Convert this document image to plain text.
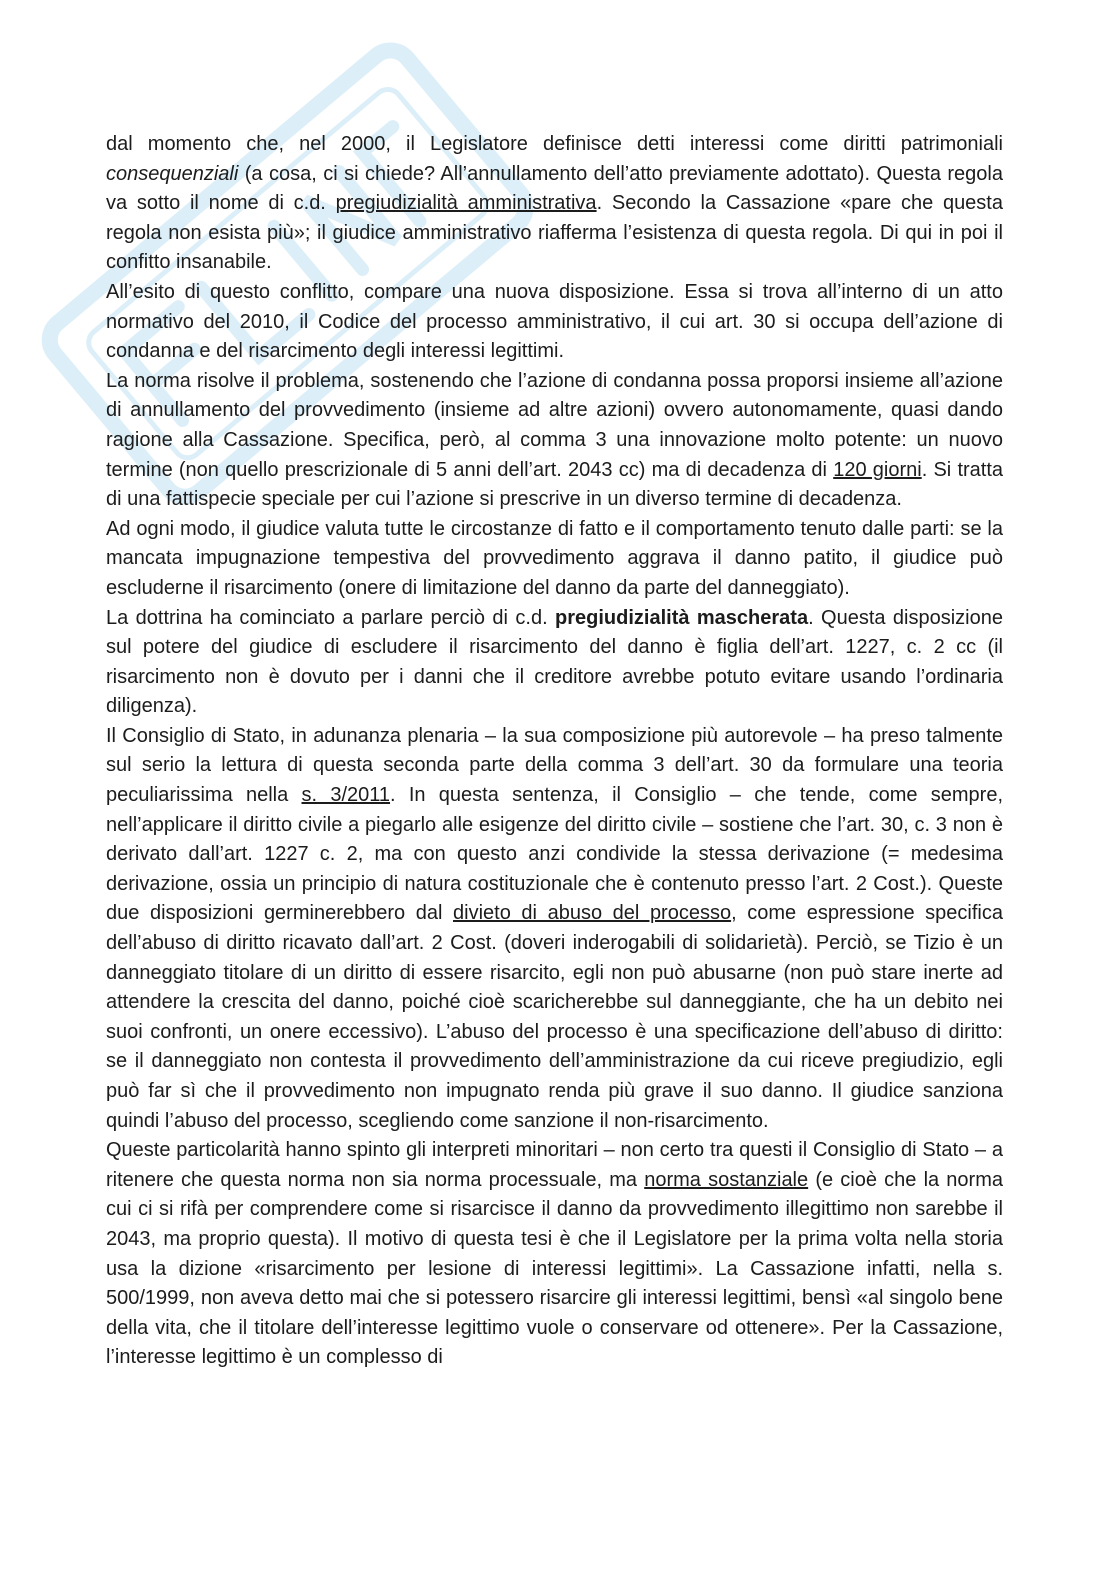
dal momento che, nel 2000, il Legislatore definisce detti interessi come diritti patrimoniali consequenziali (a cosa, ci si chiede? All’annullamento dell’atto previamente adottato). Questa regola va sotto il nome di c.d. pregiudizialità amministrativa. Secondo la Cassazione «pare che questa regola non esista più»; il giudice amministrativo riafferma l’esistenza di questa regola. Di qui in poi il confitto insanabile.

All’esito di questo conflitto, compare una nuova disposizione. Essa si trova all’interno di un atto normativo del 2010, il Codice del processo amministrativo, il cui art. 30 si occupa dell’azione di condanna e del risarcimento degli interessi legittimi.

La norma risolve il problema, sostenendo che l’azione di condanna possa proporsi insieme all’azione di annullamento del provvedimento (insieme ad altre azioni) ovvero autonomamente, quasi dando ragione alla Cassazione. Specifica, però, al comma 3 una innovazione molto potente: un nuovo termine (non quello prescrizionale di 5 anni dell’art. 2043 cc) ma di decadenza di 120 giorni. Si tratta di una fattispecie speciale per cui l’azione si prescrive in un diverso termine di decadenza.

Ad ogni modo, il giudice valuta tutte le circostanze di fatto e il comportamento tenuto dalle parti: se la mancata impugnazione tempestiva del provvedimento aggrava il danno patito, il giudice può escluderne il risarcimento (onere di limitazione del danno da parte del danneggiato).

La dottrina ha cominciato a parlare perciò di c.d. pregiudizialità mascherata. Questa disposizione sul potere del giudice di escludere il risarcimento del danno è figlia dell’art. 1227, c. 2 cc (il risarcimento non è dovuto per i danni che il creditore avrebbe potuto evitare usando l’ordinaria diligenza).

Il Consiglio di Stato, in adunanza plenaria – la sua composizione più autorevole – ha preso talmente sul serio la lettura di questa seconda parte della comma 3 dell’art. 30 da formulare una teoria peculiarissima nella s. 3/2011. In questa sentenza, il Consiglio – che tende, come sempre, nell’applicare il diritto civile a piegarlo alle esigenze del diritto civile – sostiene che l’art. 30, c. 3 non è derivato dall’art. 1227 c. 2, ma con questo anzi condivide la stessa derivazione (= medesima derivazione, ossia un principio di natura costituzionale che è contenuto presso l’art. 2 Cost.). Queste due disposizioni germinerebbero dal divieto di abuso del processo, come espressione specifica dell’abuso di diritto ricavato dall’art. 2 Cost. (doveri inderogabili di solidarietà). Perciò, se Tizio è un danneggiato titolare di un diritto di essere risarcito, egli non può abusarne (non può stare inerte ad attendere la crescita del danno, poiché cioè scaricherebbe sul danneggiante, che ha un debito nei suoi confronti, un onere eccessivo). L’abuso del processo è una specificazione dell’abuso di diritto: se il danneggiato non contesta il provvedimento dell’amministrazione da cui riceve pregiudizio, egli può far sì che il provvedimento non impugnato renda più grave il suo danno. Il giudice sanziona quindi l’abuso del processo, scegliendo come sanzione il non-risarcimento.

Queste particolarità hanno spinto gli interpreti minoritari – non certo tra questi il Consiglio di Stato – a ritenere che questa norma non sia norma processuale, ma norma sostanziale (e cioè che la norma cui ci si rifà per comprendere come si risarcisce il danno da provvedimento illegittimo non sarebbe il 2043, ma proprio questa). Il motivo di questa tesi è che il Legislatore per la prima volta nella storia usa la dizione «risarcimento per lesione di interessi legittimi». La Cassazione infatti, nella s. 500/1999, non aveva detto mai che si potessero risarcire gli interessi legittimi, bensì «al singolo bene della vita, che il titolare dell’interesse legittimo vuole o conservare od ottenere». Per la Cassazione, l’interesse legittimo è un complesso di
